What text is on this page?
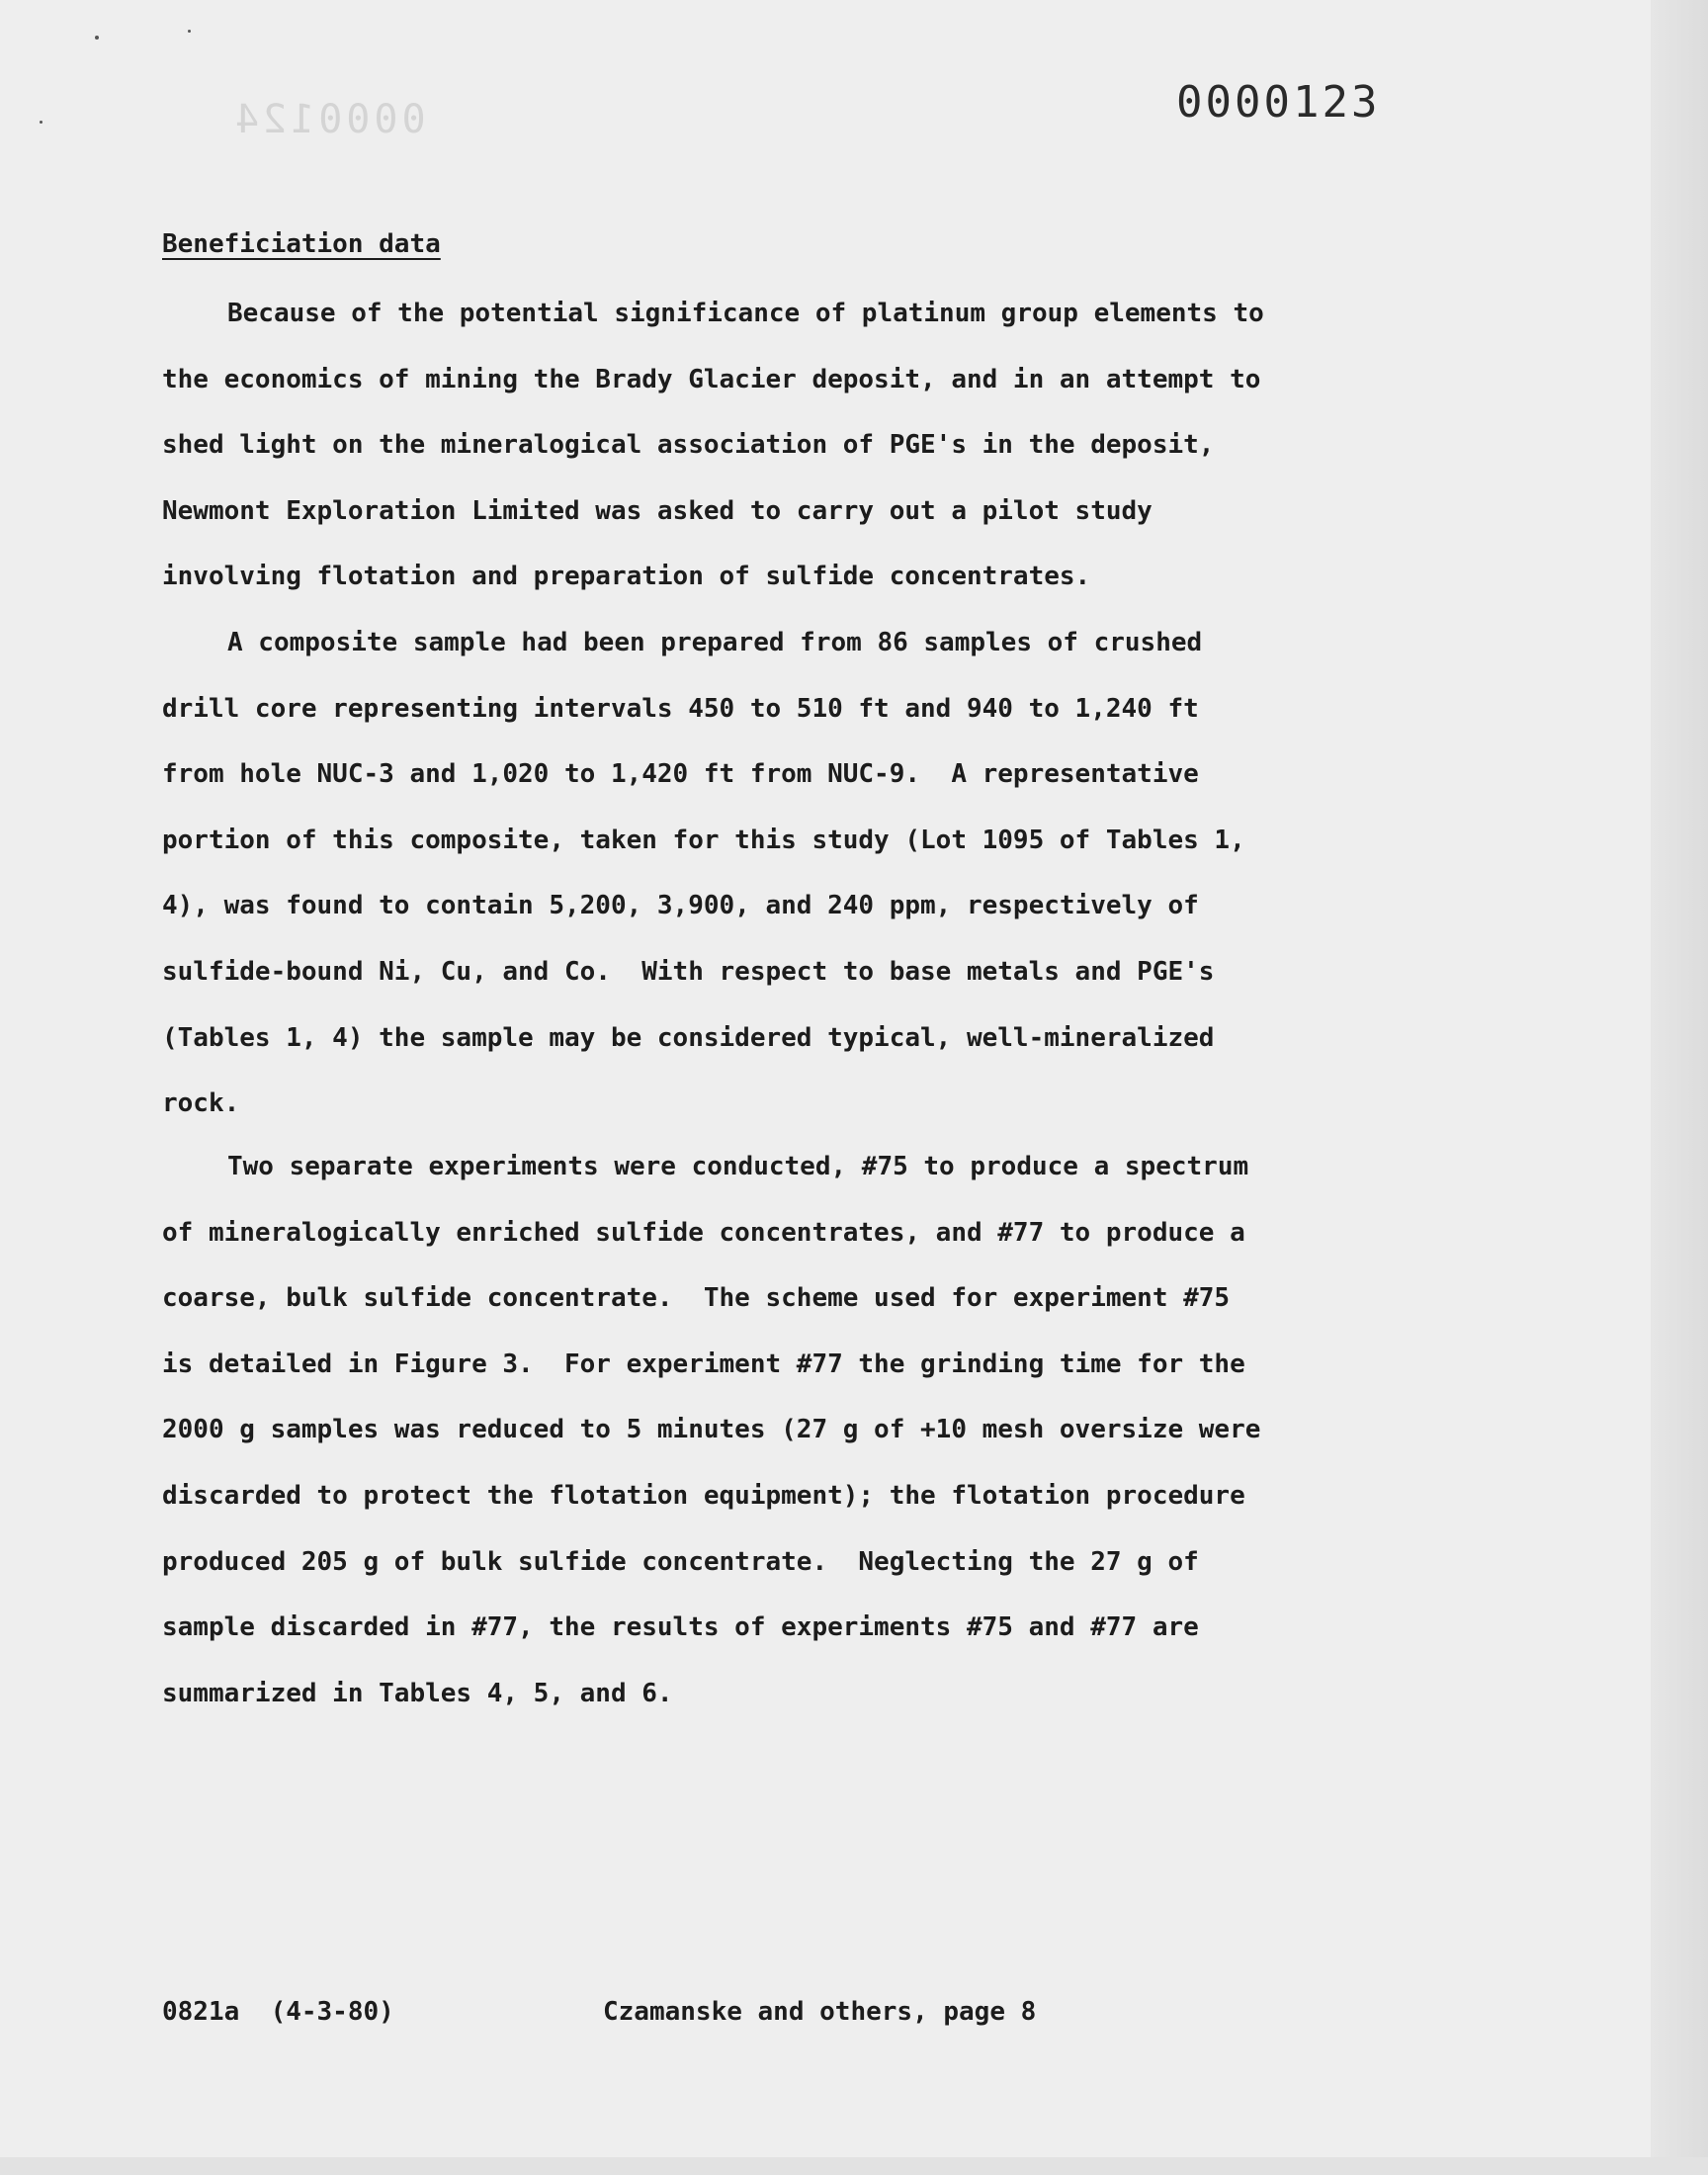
0000124	0000123
Beneficiation data
Because of the potential significance of platinum group elements to
the economics of mining the Brady Glacier deposit, and in an attempt to
shed light on the mineralogical association of PGE's in the deposit,
Newmont Exploration Limited was asked to carry out a pilot study
involving flotation and preparation of sulfide concentrates.
A composite sample had been prepared from 86 samples of crushed
drill core representing intervals 450 to 510 ft and 940 to 1,240 ft
from hole NUC-3 and 1,020 to 1,420 ft from NUC-9.  A representative
portion of this composite, taken for this study (Lot 1095 of Tables 1,
4), was found to contain 5,200, 3,900, and 240 ppm, respectively of
sulfide-bound Ni, Cu, and Co.  With respect to base metals and PGE's
(Tables 1, 4) the sample may be considered typical, well-mineralized
rock.
Two separate experiments were conducted, #75 to produce a spectrum
of mineralogically enriched sulfide concentrates, and #77 to produce a
coarse, bulk sulfide concentrate.  The scheme used for experiment #75
is detailed in Figure 3.  For experiment #77 the grinding time for the
2000 g samples was reduced to 5 minutes (27 g of +10 mesh oversize were
discarded to protect the flotation equipment); the flotation procedure
produced 205 g of bulk sulfide concentrate.  Neglecting the 27 g of
sample discarded in #77, the results of experiments #75 and #77 are
summarized in Tables 4, 5, and 6.
0821a  (4-3-80)	Czamanske and others, page 8
